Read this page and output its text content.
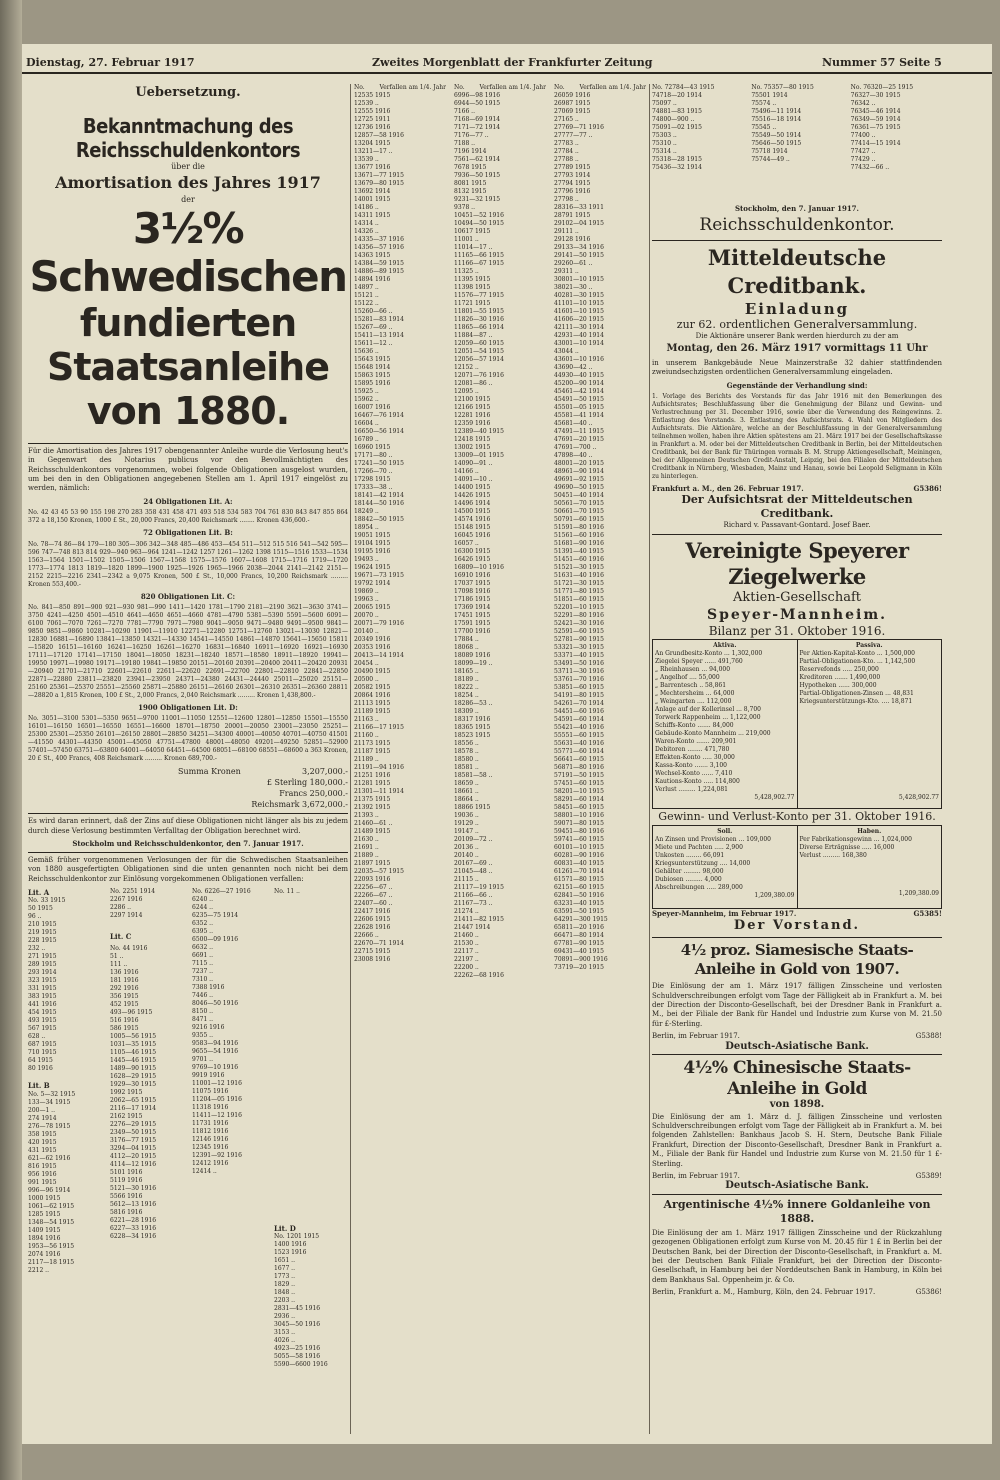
Dienstag, 27. Februar 1917	Zweites Morgenblatt der Frankfurter Zeitung	Nummer 57 Seite 5
Uebersetzung.
Bekanntmachung des Reichsschuldenkontors
über die
Amortisation des Jahres 1917
der
3½% Schwedischen
fundierten Staatsanleihe
von 1880.
Für die Amortisation des Jahres 1917 obengenannter Anleihe wurde die Verlosung heut's in Gegenwart des Notarius publicus vor den Bevollmächtigten des Reichsschuldenkontors vorgenommen, wobei folgende Obligationen ausgelost wurden, um bei den in den Obligationen angegebenen Stellen am 1. April 1917 eingelöst zu werden, nämlich:
24 Obligationen Lit. A:
No. 42 43 45 53 90 155 198 270 283 358 431 458 471 493 518 534 583 704 761 830 843 847 855 864 372 a 18,150 Kronen, 1000 £ St., 20,000 Francs, 20,400 Reichsmark ........ Kronen 436,600.-
72 Obligationen Lit. B:
No. 78—74 86—84 179—180 305—306 342—348 485—486 453—454 511—512 515 516 541—542 595—596 747—748 813 814 929—940 963—964 1241—1242 1257 1261—1262 1398 1515—1516 1533—1534 1563—1564 1501—1502 1505—1506 1567—1568 1575—1576 1607—1608 1715—1716 1719—1720 1773—1774 1813 1819—1820 1899—1900 1925—1926 1965—1966 2038—2044 2141—2142 2151—2152 2215—2216 2341—2342 a 9,075 Kronen, 500 £ St., 10,000 Francs, 10,200 Reichsmark ......... Kronen 553,400.-
820 Obligationen Lit. C:
No. 841—850 891—900 921—930 981—990 1411—1420 1781—1790 2181—2190 3621—3630 3741—3750 4241—4250 4501—4510 4641—4650 4651—4660 4781—4790 5381—5390 5591—5600 6091—6100 7061—7070 7261—7270 7781—7790 7971—7980 9041—9050 9471—9480 9491—9500 9841—9850 9851—9860 10281—10290 11901—11910 12271—12280 12751—12760 13021—13030 12821—12830 16881—16890 13841—13850 14321—14330 14541—14550 14861—14870 15641—15650 15811—15820 16151—16160 16241—16250 16261—16270 16831—16840 16911—16920 16921—16930 17111—17120 17141—17150 18041—18050 18231—18240 18571—18580 18911—18920 19941—19950 19971—19980 19171—19180 19841—19850 20151—20160 20391—20400 20411—20420 20931—20940 21701—21710 22601—22610 22611—22620 22691—22700 22801—22810 22841—22850 22871—22880 23811—23820 23941—23950 24371—24380 24431—24440 25011—25020 25151—25160 25361—25370 25551—25560 25871—25880 26151—26160 26301—26310 26351—26360 28811—28820 a 1,815 Kronen, 100 £ St., 2,000 Francs, 2,040 Reichsmark ......... Kronen 1,438,800.-
1900 Obligationen Lit. D:
No. 3051—3100 5301—5350 9651—9700 11001—11050 12551—12600 12801—12850 15501—15550 16101—16150 16501—16550 16551—16600 18701—18750 20001—20050 23001—23050 25251—25300 25301—25350 26101—26150 28801—28850 34251—34300 40001—40050 40701—40750 41501—41550 44301—44350 45001—45050 47751—47800 48001—48050 49201—49250 52851—52900 57401—57450 63751—63800 64001—64050 64451—64500 68051—68100 68551—68600 a 363 Kronen, 20 £ St., 400 Francs, 408 Reichsmark ......... Kronen 689,700.-
Summa Kronen	3,207,000.-
£ Sterling 180,000.-
Francs 250,000.-
Reichsmark 3,672,000.-
Es wird daran erinnert, daß der Zins auf diese Obligationen nicht länger als bis zu jedem durch diese Verlosung bestimmten Verfalltag der Obligation berechnet wird.
Stockholm und Reichsschuldenkontor, den 7. Januar 1917.
Gemäß früher vorgenommenen Verlosungen der für die Schwedischen Staatsanleihen von 1880 ausgefertigten Obligationen sind die unten genannten noch nicht bei dem Reichsschuldenkontor zur Einlösung vorgekommenen Obligationen verfallen:
Lit. A
No. 33 1915
50 1915
96 ..
210 1915
219 1915
228 1915
232 ..
271 1915
289 1915
293 1914
323 1915
331 1915
383 1915
441 1916
454 1915
493 1915
567 1915
628 ..
687 1915
710 1915
64 1915
80 1916
Lit. B
No. 5—32 1915
133—34 1915
200—1 ..
274 1914
276—78 1915
358 1915
420 1915
431 1915
621—62 1916
816 1915
956 1916
991 1915
996—96 1914
1000 1915
1061—62 1915
1285 1915
1348—54 1915
1409 1915
1894 1916
1953—56 1915
2074 1916
2117—18 1915
2212 ..
No. 2251 1914
2267 1916
2286 ..
2297 1914

Lit. C
No. 44 1916
51 ..
111 ..
136 1916
181 1916
292 1916
356 1915
452 1915
493—96 1915
516 1916
586 1915
1005—56 1915
1031—35 1915
1105—46 1915
1445—46 1915
1489—90 1915
1628—29 1915
1929—30 1915
1992 1915
2062—65 1915
2116—17 1914
2162 1915
2276—29 1915
2349—50 1915
3176—77 1915
3294—04 1915
4112—20 1915
4114—12 1916
5101 1916
5119 1916
5121—30 1916
5566 1916
5612—13 1916
5816 1916
6221—28 1916
6227—33 1916
6228—34 1916
No. 6226—27 1916
6240 ..
6244 ..
6235—75 1914
6352 ..
6395 ..
6500—09 1916
6632 ..
6691 ..
7115 ..
7237 ..
7310 ..
7388 1916
7446 ..
8046—50 1916
8150 ..
8471 ..
9216 1916
9355 ..
9583—94 1916
9655—54 1916
9701 ..
9769—10 1916
9919 1916
11001—12 1916
11075 1916
11204—05 1916
11318 1916
11411—12 1916
11731 1916
11812 1916
12146 1916
12345 1916
12391—92 1916
12412 1916
12414 ..
No. 11 ..

Lit. D
No. 1201 1915
1400 1916
1523 1916
1651 ..
1677 ..
1773 ..
1829 ..
1848 ..
2203 ..
2831—45 1916
2936 ..
3045—50 1916
3153 ..
4026 ..
4923—25 1916
5055—58 1916
5590—6600 1916
No. Verfallen am 1/4. Jahr
12535 1915
12539 ..
12555 1916
12725 1911
12736 1916
12857—58 1916
13204 1915
13211—17 ..
13539 ..
13677 1916
13671—77 1915
13679—80 1915
13692 1914
14001 1915
14186 ..
14311 1915
14314 ..
14326 ..
14335—37 1916
14356—57 1916
14363 1915
14384—59 1915
14886—89 1915
14894 1916
14897 ..
15121 ..
15122 ..
15260—66 ..
15281—83 1914
15267—69 ..
15411—13 1914
15611—12 ..
15636 ..
15643 1915
15648 1914
15863 1915
15895 1916
15925 ..
15962 ..
16007 1916
16467—76 1914
16604 ..
16650—56 1914
16789 ..
16960 1915
17171—80 ..
17241—50 1915
17266—70 ..
17298 1915
17333—38 ..
18141—42 1914
18144—50 1916
18249 ..
18842—50 1915
18954 ..
19051 1915
19104 1915
19195 1916
19493 ..
19624 1915
19671—73 1915
19792 1914
19869 ..
19963 ..
20065 1915
20070 ..
20071—79 1916
20140 ..
20349 1916
20353 1916
20413—14 1914
20454 ..
20490 1915
20500 ..
20582 1915
20864 1916
21113 1915
21189 1915
21163 ..
21166—17 1915
21160 ..
21173 1915
21187 1915
21189 ..
21191—94 1916
21251 1916
21281 1915
21301—11 1914
21375 1915
21392 1915
21393 ..
21460—61 ..
21489 1915
21630 ..
21691 ..
21889 ..
21897 1915
22035—57 1915
22093 1916
22256—67 ..
22266—67 ..
22407—60 ..
22417 1916
22606 1915
22628 1916
22666 ..
22670—71 1914
22715 1915
23008 1916
No. Verfallen am 1/4. Jahr
6996—98 1916
6944—50 1915
7166 ..
7168—69 1914
7171—72 1914
7176—77 ..
7188 ..
7196 1914
7561—62 1914
7678 1915
7936—50 1915
8081 1915
8132 1915
9231—32 1915
9378 ..
10451—52 1916
10494—50 1915
10617 1915
11001 ..
11014—17 ..
11165—66 1915
11166—67 1915
11325 ..
11395 1915
11398 1915
11576—77 1915
11721 1915
11801—55 1915
11826—30 1916
11865—66 1914
11884—87 ..
12059—60 1915
12051—54 1915
12056—57 1914
12152 ..
12071—76 1916
12081—86 ..
12095 ..
12100 1915
12166 1915
12281 1916
12359 1916
12389—40 1915
12418 1915
13002 1915
13009—01 1915
14090—91 ..
14166 ..
14091—10 ..
14400 1915
14426 1915
14496 1914
14500 1915
14574 1916
15148 1915
16045 1916
16057 ..
16300 1915
16426 1915
16809—10 1916
16910 1916
17037 1915
17098 1916
17186 1915
17369 1914
17451 1915
17591 1915
17700 1916
17884 ..
18068 ..
18089 1916
18099—19 ..
18165 ..
18189 ..
18222 ..
18254 ..
18286—53 ..
18309 ..
18317 1916
18365 1915
18523 1915
18556 ..
18578 ..
18580 ..
18581 ..
18581—58 ..
18659 ..
18661 ..
18664 ..
18866 1915
19036 ..
19129 ..
19147 ..
20109—72 ..
20136 ..
20140 ..
20167—69 ..
21045—48 ..
21115 ..
21117—19 1915
21166—66 ..
21167—73 ..
21274 ..
21411—82 1915
21447 1914
21460 ..
21530 ..
22117 ..
22197 ..
22200 ..
22262—68 1916
No. Verfallen am 1/4. Jahr
26059 1916
26987 1915
27069 1915
27165 ..
27769—71 1916
27777—77 ..
27783 ..
27784 ..
27788 ..
27789 1915
27793 1914
27794 1915
27796 1916
27798 ..
28316—33 1911
28791 1915
29102—04 1915
29111 ..
29128 1916
29133—34 1916
29141—50 1915
29260—61 ..
29311 ..
30801—10 1915
38021—30 ..
40281—30 1915
41101—10 1915
41601—10 1915
41606—20 1915
42111—30 1914
42931—40 1914
43001—10 1914
43044 ..
43601—10 1916
43690—42 ..
44930—40 1915
45200—90 1914
45461—42 1914
45491—50 1915
45501—05 1915
45581—41 1914
45681—40 ..
47491—11 1915
47691—20 1915
47691—700 ..
47898—40 ..
48001—20 1915
48961—90 1914
49691—92 1915
49690—50 1915
50451—40 1914
50561—70 1915
50661—70 1915
50791—60 1915
51591—80 1916
51561—60 1916
51681—90 1916
51391—40 1915
51451—60 1916
51521—30 1915
51631—40 1916
51721—30 1915
51771—80 1915
51851—60 1915
52201—10 1915
52291—80 1916
52421—30 1916
52591—60 1915
52781—90 1915
53321—30 1915
53371—40 1915
53491—50 1916
53711—30 1916
53761—70 1916
53851—60 1915
54191—80 1915
54261—70 1914
54451—60 1916
54591—60 1914
55421—40 1916
55551—60 1915
55631—40 1916
55771—60 1914
56641—60 1915
56871—80 1916
57191—50 1915
57451—60 1915
58201—10 1915
58291—60 1914
58451—60 1915
58801—10 1916
59071—80 1915
59451—80 1916
59741—60 1915
60101—10 1915
60281—90 1916
60831—40 1915
61261—70 1914
61571—80 1915
62151—60 1915
62841—50 1916
63231—40 1915
63591—50 1915
64291—300 1915
65811—20 1916
66471—80 1914
67781—90 1915
69431—40 1915
70891—900 1916
73719—20 1915
No. 72784—43 1915
74718—20 1914
75097 ..
74881—83 1915
74800—900 ..
75091—02 1915
75303 ..
75310 ..
75314 ..
75318—28 1915
75436—32 1914
No. 75357—80 1915
75501 1914
75574 ..
75496—11 1914
75516—18 1914
75545 ..
75549—50 1914
75646—50 1915
75718 1914
75744—49 ..
No. 76320—25 1915
76327—30 1915
76342 ..
76345—46 1914
76349—59 1914
76361—75 1915
77400 ..
77414—15 1914
77427 ..
77429 ..
77432—66 ..
Stockholm, den 7. Januar 1917.
Reichsschuldenkontor.
Mitteldeutsche Creditbank.
Einladung
zur 62. ordentlichen Generalversammlung.
Die Aktionäre unserer Bank werden hierdurch zu der am
Montag, den 26. März 1917 vormittags 11 Uhr
in unserem Bankgebäude Neue Mainzerstraße 32 dahier stattfindenden zweiundsechzigsten ordentlichen Generalversammlung eingeladen.
Gegenstände der Verhandlung sind:
1. Vorlage des Berichts des Vorstands für das Jahr 1916 mit den Bemerkungen des Aufsichtsrates; Beschlußfassung über die Genehmigung der Bilanz und Gewinn- und Verlustrechnung per 31. December 1916, sowie über die Verwendung des Reingewinns. 2. Entlastung des Vorstands. 3. Entlastung des Aufsichtsrats. 4. Wahl von Mitgliedern des Aufsichtsrats. Die Aktionäre, welche an der Beschlußfassung in der Generalversammlung teilnehmen wollen, haben ihre Aktien spätestens am 21. März 1917 bei der Gesellschaftskasse in Frankfurt a. M. oder bei der Mitteldeutschen Creditbank in Berlin, bei der Mitteldeutschen Creditbank, bei der Bank für Thüringen vormals B. M. Strupp Aktiengesellschaft, Meiningen, bei der Allgemeinen Deutschen Credit-Anstalt, Leipzig, bei den Filialen der Mitteldeutschen Creditbank in Nürnberg, Wiesbaden, Mainz und Hanau, sowie bei Leopold Seligmann in Köln zu hinterlegen.
Frankfurt a. M., den 26. Februar 1917.	G5386!
Der Aufsichtsrat der Mitteldeutschen Creditbank.
Richard v. Passavant-Gontard. Josef Baer.
Vereinigte Speyerer Ziegelwerke
Aktien-Gesellschaft
Speyer-Mannheim.
Bilanz per 31. Oktober 1916.
Aktiva.
An Grundbesitz-Konto ... 1,302,000
Ziegelei Speyer ...... 491,760
„ Rheinhausen ... 94,000
„ Angelhof .... 55,000
„ Barrentesch .. 58,861
„ Mechtersheim ... 64,000
„ Weingarten .... 112,000
Anlage auf der Kollerinsel ... 8,700
Torwerk Rappenheim ... 1,122,000
Schiffs-Konto ....... 84,000
Gebäude-Konto Mannheim ... 219,000
Waren-Konto ....... 209,901
Debitoren ........ 471,780
Effekten-Konto ..... 30,000
Kassa-Konto ....... 3,100
Wechsel-Konto ...... 7,410
Kautions-Konto ..... 114,800
Verlust ......... 1,224,081
5,428,902.77
Passiva.
Per Aktien-Kapital-Konto ... 1,500,000
Partial-Obligationen-Kto. ... 1,142,500
Reservefonds ..... 250,000
Kreditoren ....... 1,490,000
Hypotheken ...... 300,000
Partial-Obligationen-Zinsen ... 48,831
Kriegsunterstützungs-Kto. .... 18,871
5,428,902.77
Gewinn- und Verlust-Konto per 31. Oktober 1916.
Soll.
An Zinsen und Provisionen ... 109,000
Miete und Pachten ..... 2,900
Unkosten ........ 66,091
Kriegsunterstützung .... 14,000
Gehälter ......... 98,000
Dubiosen ......... 4,000
Abschreibungen ..... 289,000
1,209,380.09
Haben.
Per Fabrikationsgewinn ... 1,024,000
Diverse Erträgnisse ..... 16,000
Verlust ......... 168,380
1,209,380.09
Speyer-Mannheim, im Februar 1917.	G5385!
Der Vorstand.
4½ proz. Siamesische Staats-Anleihe in Gold von 1907.
Die Einlösung der am 1. März 1917 fälligen Zinsscheine und verlosten Schuldverschreibungen erfolgt vom Tage der Fälligkeit ab in Frankfurt a. M. bei der Direction der Disconto-Gesellschaft, bei der Dresdner Bank in Frankfurt a. M., bei der Filiale der Bank für Handel und Industrie zum Kurse von M. 21.50 für £-Sterling.
Berlin, im Februar 1917.	G5388!
Deutsch-Asiatische Bank.
4½% Chinesische Staats-Anleihe in Gold
von 1898.
Die Einlösung der am 1. März d. J. fälligen Zinsscheine und verlosten Schuldverschreibungen erfolgt vom Tage der Fälligkeit ab in Frankfurt a. M. bei folgenden Zahlstellen: Bankhaus Jacob S. H. Stern, Deutsche Bank Filiale Frankfurt, Direction der Disconto-Gesellschaft, Dresdner Bank in Frankfurt a. M., Filiale der Bank für Handel und Industrie zum Kurse von M. 21.50 für 1 £-Sterling.
Berlin, im Februar 1917.	G5389!
Deutsch-Asiatische Bank.
Argentinische 4½% innere Goldanleihe von 1888.
Die Einlösung der am 1. März 1917 fälligen Zinsscheine und der Rückzahlung gezogenen Obligationen erfolgt zum Kurse von M. 20.45 für 1 £ in Berlin bei der Deutschen Bank, bei der Direction der Disconto-Gesellschaft, in Frankfurt a. M. bei der Deutschen Bank Filiale Frankfurt, bei der Direction der Disconto-Gesellschaft, in Hamburg bei der Norddeutschen Bank in Hamburg, in Köln bei dem Bankhaus Sal. Oppenheim jr. & Co.
Berlin, Frankfurt a. M., Hamburg, Köln, den 24. Februar 1917.	G5386!
